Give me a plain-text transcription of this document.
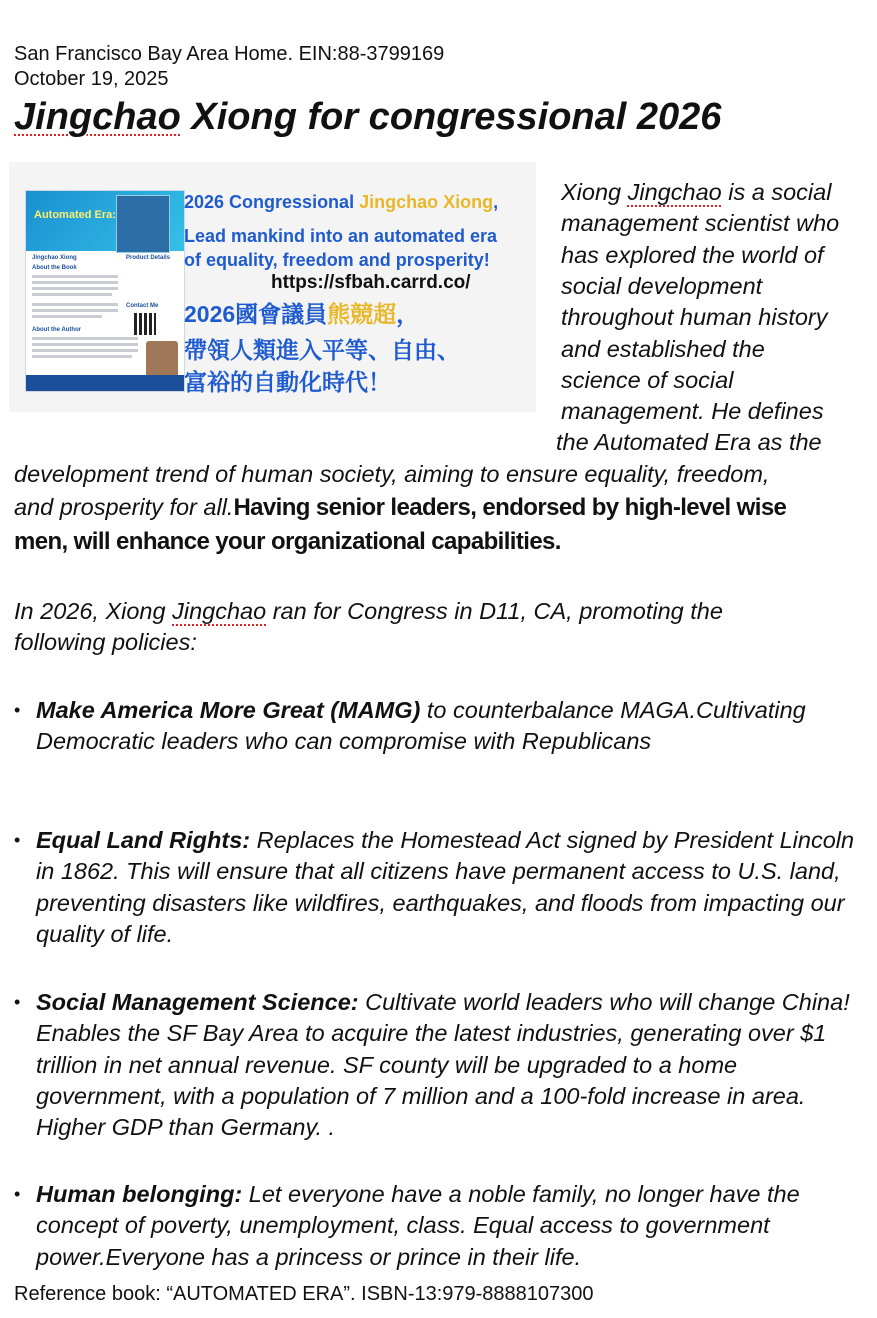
San Francisco Bay Area Home. EIN:88-3799169
October 19, 2025
Jingchao Xiong for congressional 2026
Automated Era:
Jingchao Xiong
About the Book
Product Details
Contact Me
About the Author
2026 Congressional Jingchao Xiong,
Lead mankind into an automated era
of equality, freedom and prosperity!
https://sfbah.carrd.co/
2026國會議員熊競超，
帶領人類進入平等、自由、
富裕的自動化時代！
Xiong Jingchao is a social
management scientist who
has explored the world of
social development
throughout human history
and established the
science of social
management. He defines
the Automated Era as the
development trend of human society, aiming to ensure equality, freedom,
and prosperity for all.Having senior leaders, endorsed by high-level wise
men, will enhance your organizational capabilities.
In 2026, Xiong Jingchao ran for Congress in D11, CA, promoting the
following policies:
• Make America More Great (MAMG) to counterbalance MAGA.Cultivating Democratic leaders who can compromise with Republicans
• Equal Land Rights: Replaces the Homestead Act signed by President Lincoln in 1862. This will ensure that all citizens have permanent access to U.S. land, preventing disasters like wildfires, earthquakes, and floods from impacting our quality of life.
• Social Management Science: Cultivate world leaders who will change China! Enables the SF Bay Area to acquire the latest industries, generating over $1 trillion in net annual revenue. SF county will be upgraded to a home government, with a population of 7 million and a 100-fold increase in area. Higher GDP than Germany. .
• Human belonging: Let everyone have a noble family, no longer have the concept of poverty, unemployment, class. Equal access to government power.Everyone has a princess or prince in their life.
Reference book: “AUTOMATED ERA”. ISBN-13:979-8888107300
